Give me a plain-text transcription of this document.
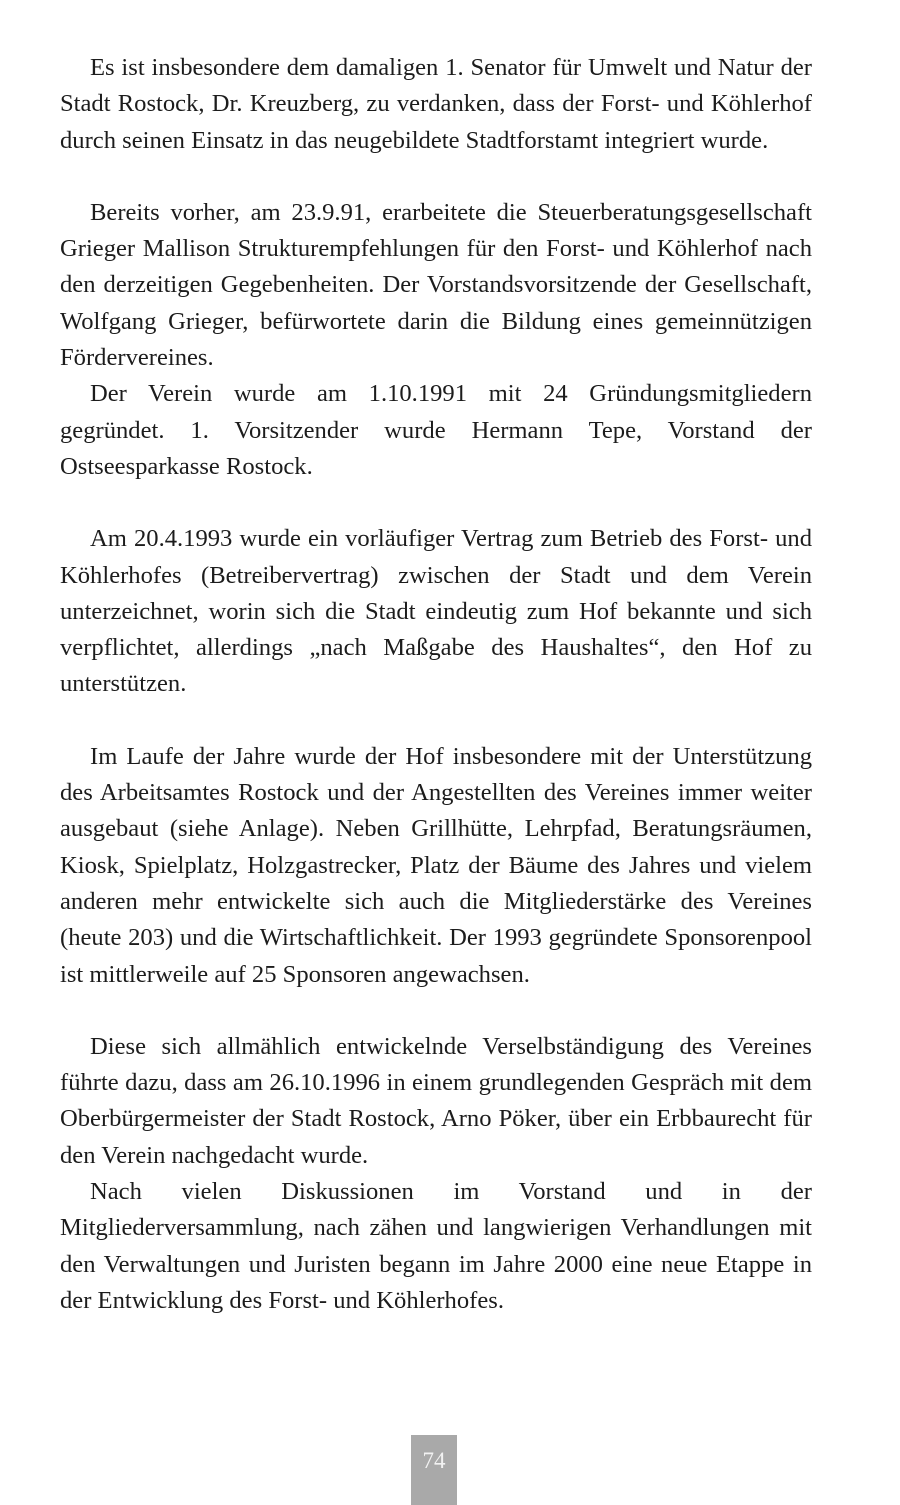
Es ist insbesondere dem damaligen 1. Senator für Umwelt und Natur der Stadt Rostock, Dr. Kreuzberg, zu verdanken, dass der Forst- und Köhlerhof durch seinen Einsatz in das neugebildete Stadtforstamt integriert wurde.

Bereits vorher, am 23.9.91, erarbeitete die Steuerberatungsgesellschaft Grieger Mallison Strukturempfehlungen für den Forst- und Köhlerhof nach den derzeitigen Gegebenheiten. Der Vorstandsvorsitzende der Gesellschaft, Wolfgang Grieger, befürwortete darin die Bildung eines gemeinnützigen Fördervereines.

Der Verein wurde am 1.10.1991 mit 24 Gründungsmitgliedern gegründet. 1. Vorsitzender wurde Hermann Tepe, Vorstand der Ostseesparkasse Rostock.

Am 20.4.1993 wurde ein vorläufiger Vertrag zum Betrieb des Forst- und Köhlerhofes (Betreibervertrag) zwischen der Stadt und dem Verein unterzeichnet, worin sich die Stadt eindeutig zum Hof bekannte und sich verpflichtet, allerdings „nach Maßgabe des Haushaltes“, den Hof zu unterstützen.

Im Laufe der Jahre wurde der Hof insbesondere mit der Unterstützung des Arbeitsamtes Rostock und der Angestellten des Vereines immer weiter ausgebaut (siehe Anlage). Neben Grillhütte, Lehrpfad, Beratungsräumen, Kiosk, Spielplatz, Holzgastrecker, Platz der Bäume des Jahres und vielem anderen mehr entwickelte sich auch die Mitgliederstärke des Vereines (heute 203) und die Wirtschaftlichkeit. Der 1993 gegründete Sponsorenpool ist mittlerweile auf 25 Sponsoren angewachsen.

Diese sich allmählich entwickelnde Verselbständigung des Vereines führte dazu, dass am 26.10.1996 in einem grundlegenden Gespräch mit dem Oberbürgermeister der Stadt Rostock, Arno Pöker, über ein Erbbaurecht für den Verein nachgedacht wurde.

Nach vielen Diskussionen im Vorstand und in der Mitgliederversammlung, nach zähen und langwierigen Verhandlungen mit den Verwaltungen und Juristen begann im Jahre 2000 eine neue Etappe in der Entwicklung des Forst- und Köhlerhofes.

74
